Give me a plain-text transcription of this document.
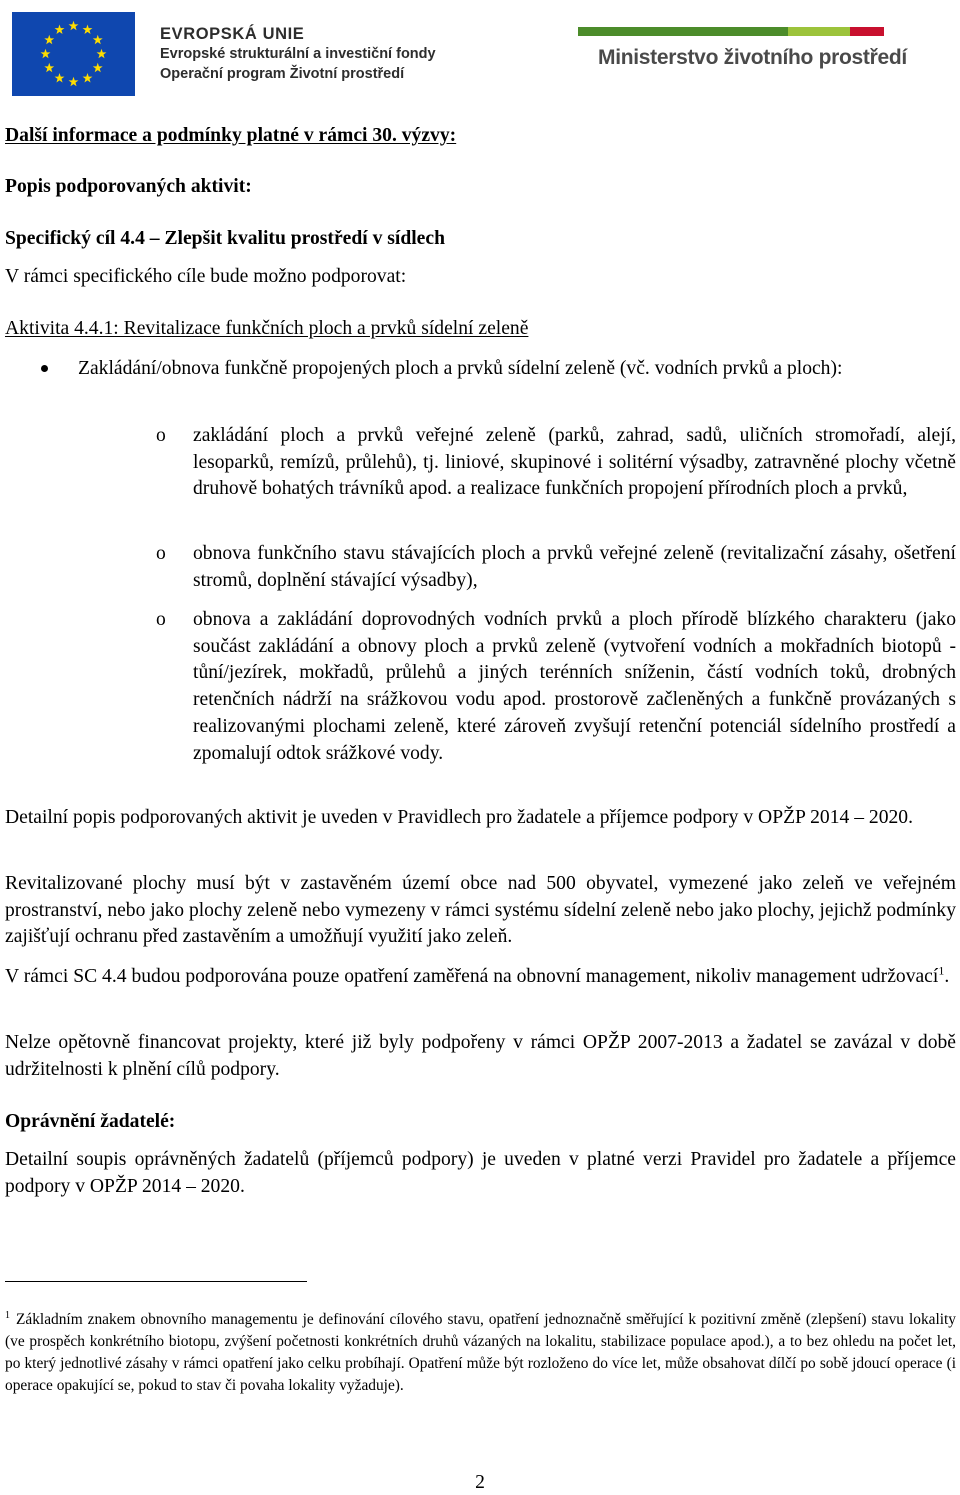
EVROPSKÁ UNIE
Evropské strukturální a investiční fondy
Operační program Životní prostředí
Ministerstvo životního prostředí
Další informace a podmínky platné v rámci 30. výzvy:
Popis podporovaných aktivit:
Specifický cíl 4.4 – Zlepšit kvalitu prostředí v sídlech
V rámci specifického cíle bude možno podporovat:
Aktivita 4.4.1: Revitalizace funkčních ploch a prvků sídelní zeleně
Zakládání/obnova funkčně propojených ploch a prvků sídelní zeleně (vč. vodních prvků a ploch):
o zakládání ploch a prvků veřejné zeleně (parků, zahrad, sadů, uličních stromořadí, alejí, lesoparků, remízů, průlehů), tj. liniové, skupinové i solitérní výsadby, zatravněné plochy včetně druhově bohatých trávníků apod. a realizace funkčních propojení přírodních ploch a prvků,
o obnova funkčního stavu stávajících ploch a prvků veřejné zeleně (revitalizační zásahy, ošetření stromů, doplnění stávající výsadby),
o obnova a zakládání doprovodných vodních prvků a ploch přírodě blízkého charakteru (jako součást zakládání a obnovy ploch a prvků zeleně (vytvoření vodních a mokřadních biotopů - tůní/jezírek, mokřadů, průlehů a jiných terénních sníženin, částí vodních toků, drobných retenčních nádrží na srážkovou vodu apod. prostorově začleněných a funkčně provázaných s realizovanými plochami zeleně, které zároveň zvyšují retenční potenciál sídelního prostředí a zpomalují odtok srážkové vody.
Detailní popis podporovaných aktivit je uveden v Pravidlech pro žadatele a příjemce podpory v OPŽP 2014 – 2020.
Revitalizované plochy musí být v zastavěném území obce nad 500 obyvatel, vymezené jako zeleň ve veřejném prostranství, nebo jako plochy zeleně nebo vymezeny v rámci systému sídelní zeleně nebo jako plochy, jejichž podmínky zajišťují ochranu před zastavěním a umožňují využití jako zeleň.
V rámci SC 4.4 budou podporována pouze opatření zaměřená na obnovní management, nikoliv management udržovací$^1$.
Nelze opětovně financovat projekty, které již byly podpořeny v rámci OPŽP 2007-2013 a žadatel se zavázal v době udržitelnosti k plnění cílů podpory.
Oprávnění žadatelé:
Detailní soupis oprávněných žadatelů (příjemců podpory) je uveden v platné verzi Pravidel pro žadatele a příjemce podpory v OPŽP 2014 – 2020.
$^1$ Základním znakem obnovního managementu je definování cílového stavu, opatření jednoznačně směřující k pozitivní změně (zlepšení) stavu lokality (ve prospěch konkrétního biotopu, zvýšení početnosti konkrétních druhů vázaných na lokalitu, stabilizace populace apod.), a to bez ohledu na počet let, po který jednotlivé zásahy v rámci opatření jako celku probíhají. Opatření může být rozloženo do více let, může obsahovat dílčí po sobě jdoucí operace (i operace opakující se, pokud to stav či povaha lokality vyžaduje).
2
